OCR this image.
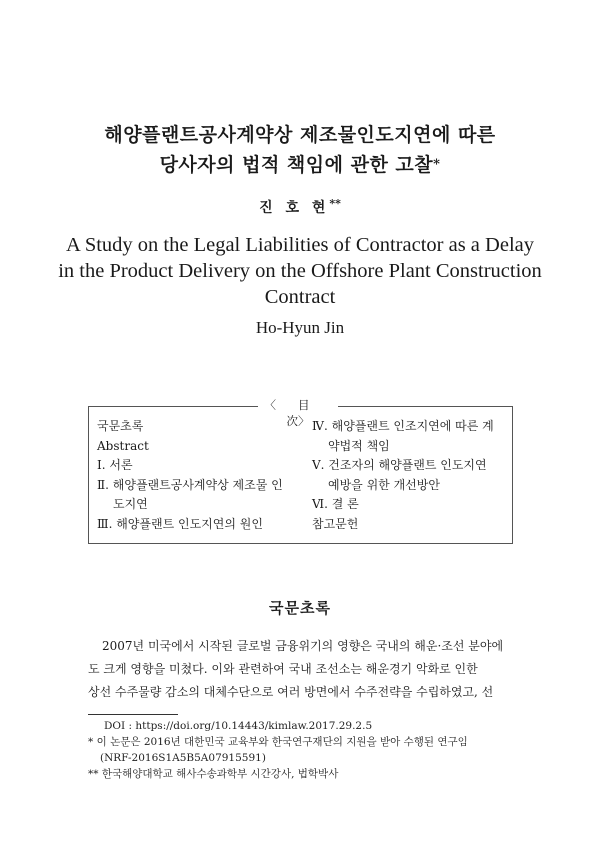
해양플랜트공사계약상 제조물인도지연에 따른
당사자의 법적 책임에 관한 고찰*
진 호 현**
A Study on the Legal Liabilities of Contractor as a Delay
in the Product Delivery on the Offshore Plant Construction
Contract
Ho-Hyun Jin
〈目次〉
국문초록
Abstract
Ⅰ. 서론
Ⅱ. 해양플랜트공사계약상 제조물 인
도지연
Ⅲ. 해양플랜트 인도지연의 원인
Ⅳ. 해양플랜트 인조지연에 따른 계
약법적 책임
Ⅴ. 건조자의 해양플랜트 인도지연
예방을 위한 개선방안
Ⅵ. 결 론
참고문헌
국문초록
2007년 미국에서 시작된 글로벌 금융위기의 영향은 국내의 해운·조선 분야에
도 크게 영향을 미쳤다. 이와 관련하여 국내 조선소는 해운경기 악화로 인한
상선 수주물량 감소의 대체수단으로 여러 방면에서 수주전략을 수립하였고, 선
DOI : https://doi.org/10.14443/kimlaw.2017.29.2.5
* 이 논문은 2016년 대한민국 교육부와 한국연구재단의 지원을 받아 수행된 연구임
(NRF-2016S1A5B5A07915591)
** 한국해양대학교 해사수송과학부 시간강사, 법학박사
